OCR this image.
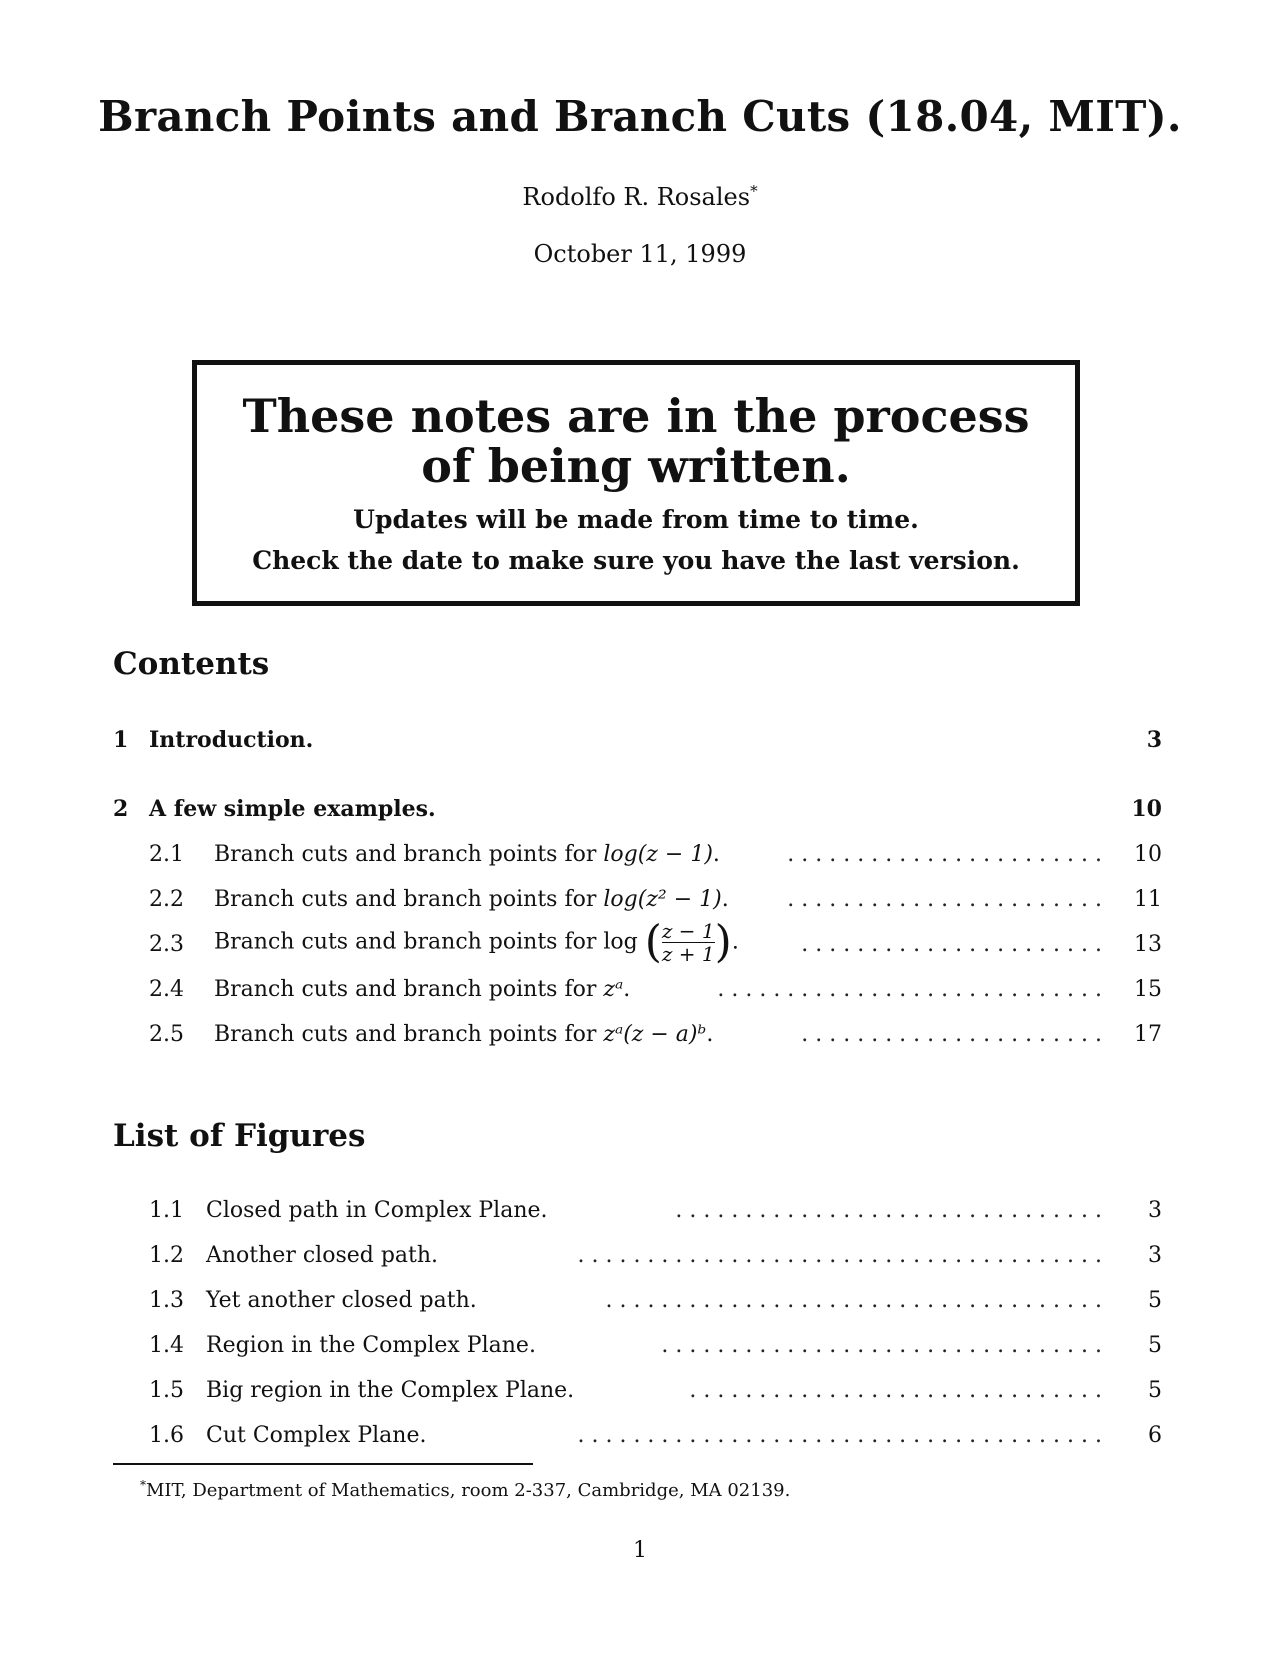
Branch Points and Branch Cuts (18.04, MIT).
Rodolfo R. Rosales*
October 11, 1999
These notes are in the process of being written.
Updates will be made from time to time.
Check the date to make sure you have the last version.
Contents
1 Introduction.	3
2 A few simple examples.	10
2.1 Branch cuts and branch points for log(z − 1).	. . . . . . . . . . . . . . . . . . . . . . .	10
2.2 Branch cuts and branch points for log(z² − 1).	. . . . . . . . . . . . . . . . . . . . . . .	11
2.3 Branch cuts and branch points for log ( $\frac{z - 1}{z + 1}$ ).	. . . . . . . . . . . . . . . . . . . . . .	13
2.4 Branch cuts and branch points for zᵃ.	. . . . . . . . . . . . . . . . . . . . . . . . . . . .	15
2.5 Branch cuts and branch points for zᵃ(z − a)ᵇ.	. . . . . . . . . . . . . . . . . . . . . .	17
List of Figures
1.1 Closed path in Complex Plane.	. . . . . . . . . . . . . . . . . . . . . . . . . . . . . . .	3
1.2 Another closed path.	. . . . . . . . . . . . . . . . . . . . . . . . . . . . . . . . . . . . . .	3
1.3 Yet another closed path.	. . . . . . . . . . . . . . . . . . . . . . . . . . . . . . . . . . . .	5
1.4 Region in the Complex Plane.	. . . . . . . . . . . . . . . . . . . . . . . . . . . . . . . .	5
1.5 Big region in the Complex Plane.	. . . . . . . . . . . . . . . . . . . . . . . . . . . . . .	5
1.6 Cut Complex Plane.	. . . . . . . . . . . . . . . . . . . . . . . . . . . . . . . . . . . . . .	6
*MIT, Department of Mathematics, room 2-337, Cambridge, MA 02139.
1
